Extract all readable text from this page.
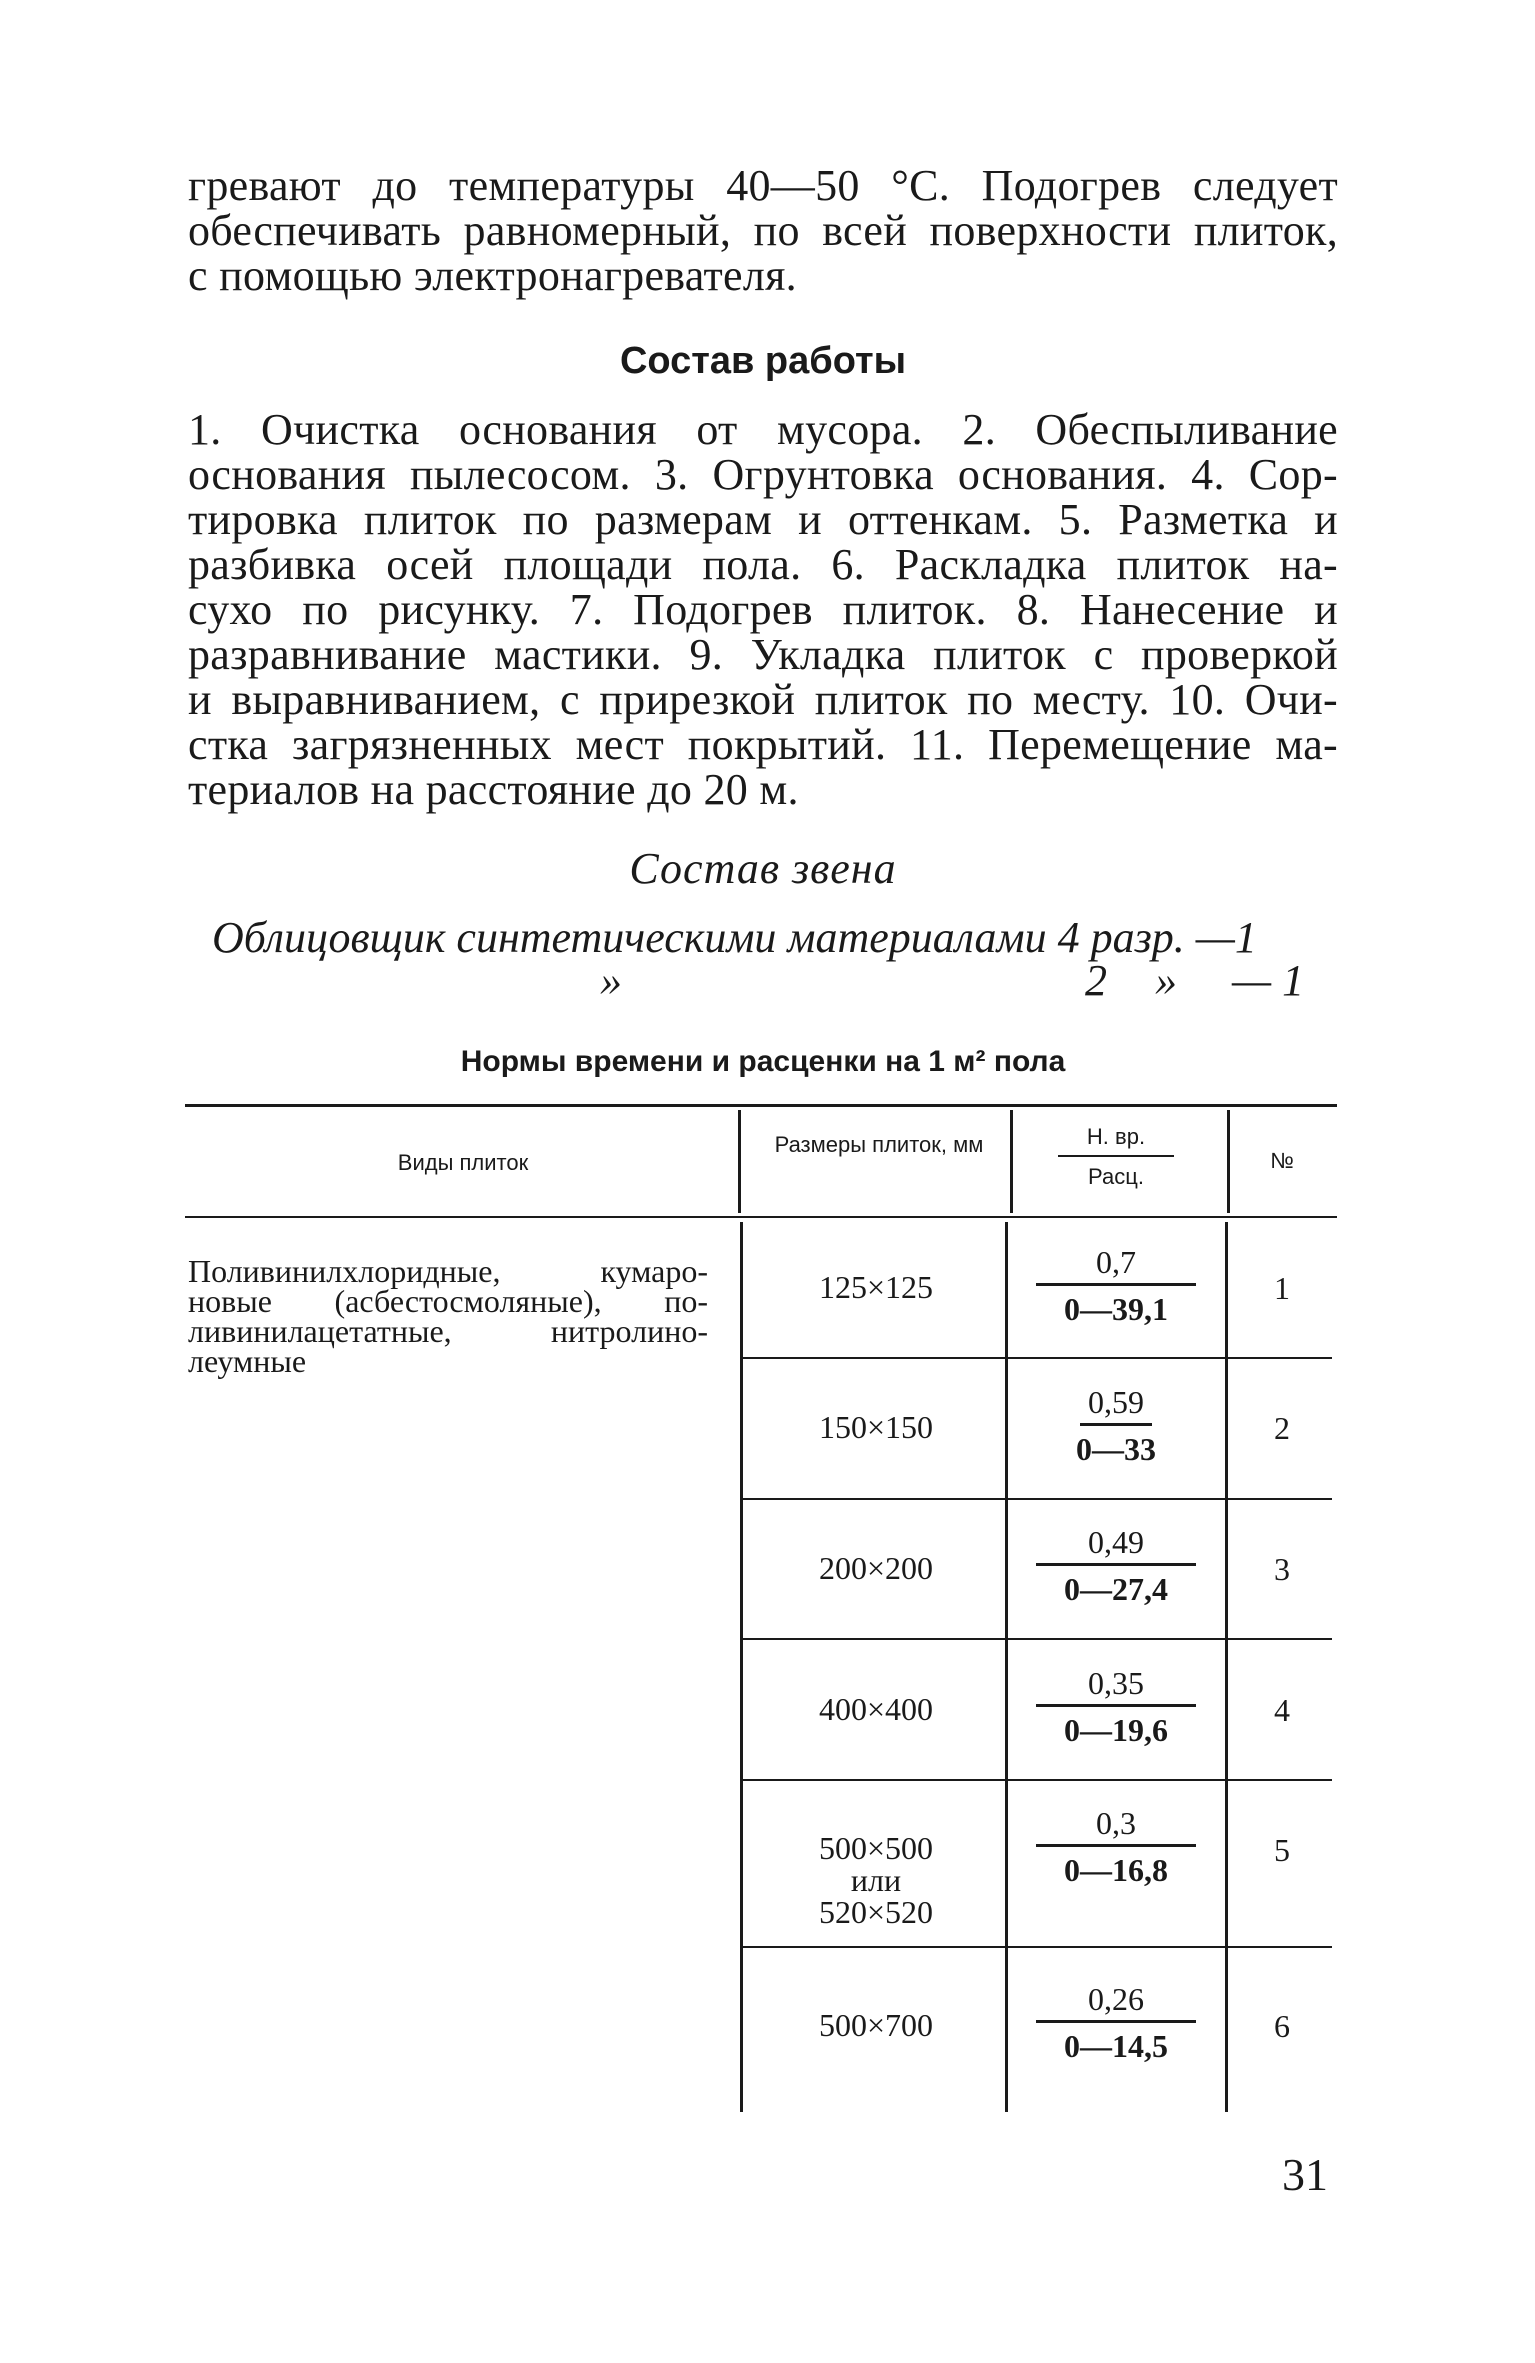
гревают до температуры 40—50 °С. Подогрев следует
обеспечивать равномерный, по всей поверхности плиток,
с помощью электронагревателя.
Состав работы
1. Очистка основания от мусора. 2. Обеспыливание
основания пылесосом. 3. Огрунтовка основания. 4. Сор-
тировка плиток по размерам и оттенкам. 5. Разметка и
разбивка осей площади пола. 6. Раскладка плиток на-
сухо по рисунку. 7. Подогрев плиток. 8. Нанесение и
разравнивание мастики. 9. Укладка плиток с проверкой
и выравниванием, с прирезкой плиток по месту. 10. Очи-
стка загрязненных мест покрытий. 11. Перемещение ма-
териалов на расстояние до 20 м.
Состав звена
Облицовщик синтетическими материалами 4 разр. —1
»	2 » — 1
Нормы времени и расценки на 1 м² пола
Виды плиток
Размеры плиток, мм	Н. вр.
Расц.
№
Поливинилхлоридные, кумаро-
новые (асбестосмоляные), по-
ливинилацетатные, нитролино-
леумные
125×125
0,7
0—39,1
1
150×150
0,59
0—33
2
200×200
0,49
0—27,4
3
400×400
0,35
0—19,6
4
500×500
или
520×520
0,3
0—16,8
5
500×700
0,26
0—14,5
6
31
